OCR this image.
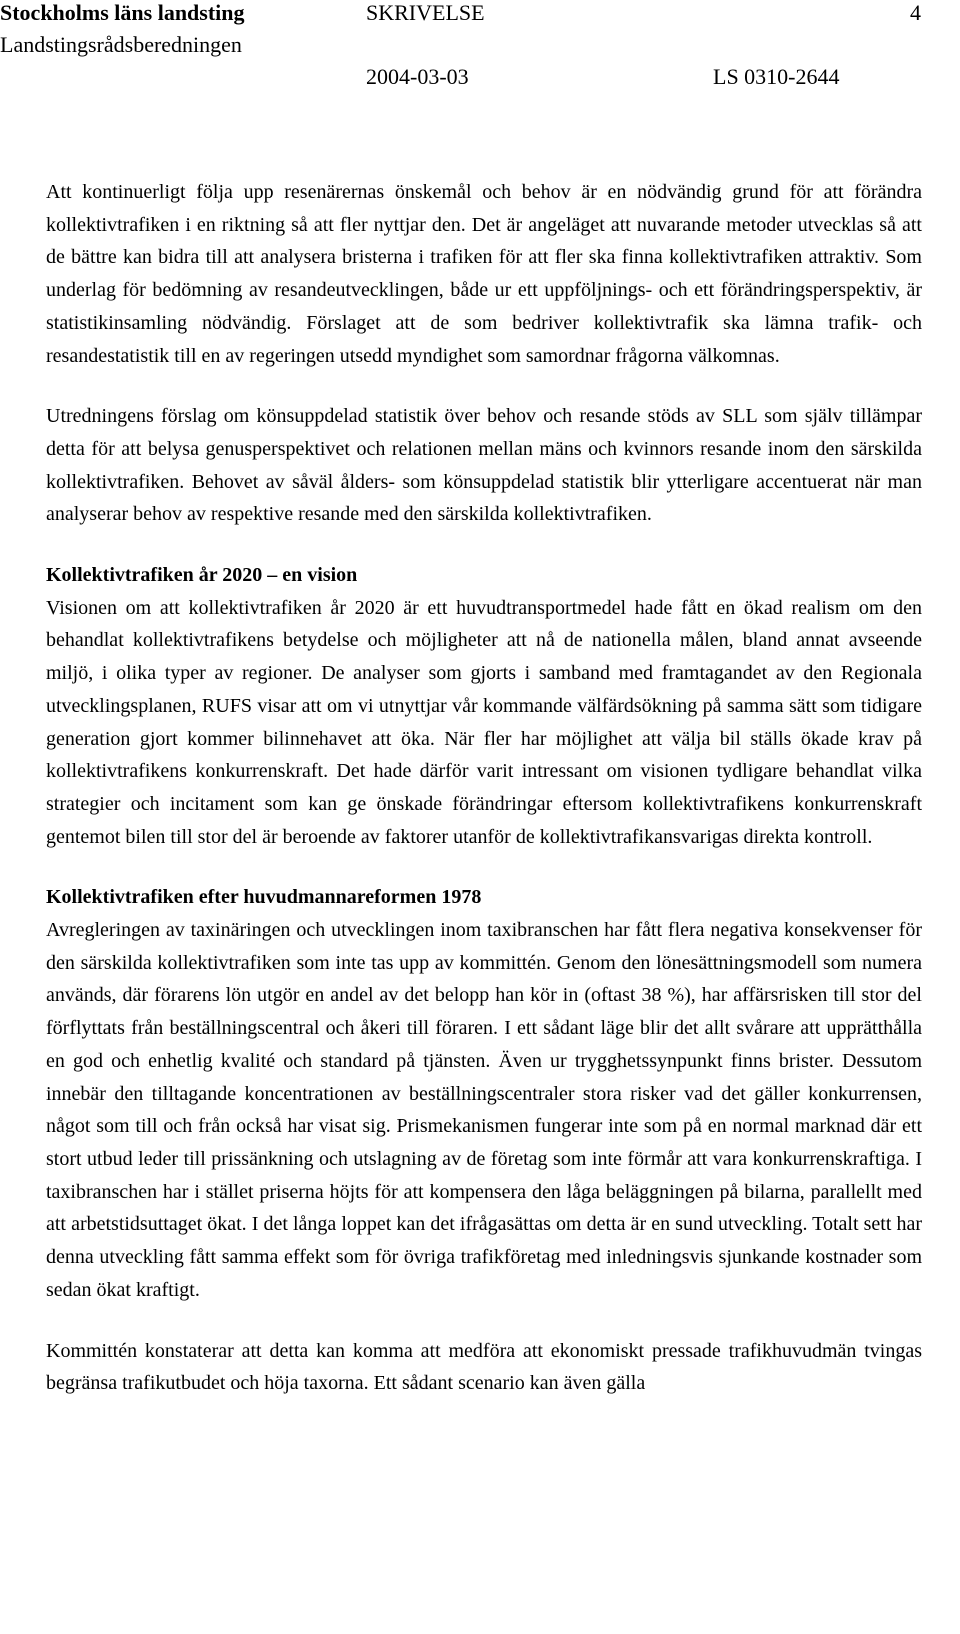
Stockholms läns landsting	SKRIVELSE	4
Landstingsrådsberedningen
2004-03-03	LS 0310-2644

Att kontinuerligt följa upp resenärernas önskemål och behov är en nödvändig grund för att förändra kollektivtrafiken i en riktning så att fler nyttjar den. Det är angeläget att nuvarande metoder utvecklas så att de bättre kan bidra till att analysera bristerna i trafiken för att fler ska finna kollektivtrafiken attraktiv. Som underlag för bedömning av resandeutvecklingen, både ur ett uppföljnings- och ett förändringsperspektiv, är statistikinsamling nödvändig. Förslaget att de som bedriver kollektivtrafik ska lämna trafik- och resandestatistik till en av regeringen utsedd myndighet som samordnar frågorna välkomnas.

Utredningens förslag om könsuppdelad statistik över behov och resande stöds av SLL som själv tillämpar detta för att belysa genusperspektivet och relationen mellan mäns och kvinnors resande inom den särskilda kollektivtrafiken. Behovet av såväl ålders- som könsuppdelad statistik blir ytterligare accentuerat när man analyserar behov av respektive resande med den särskilda kollektivtrafiken.

Kollektivtrafiken år 2020 – en vision

Visionen om att kollektivtrafiken år 2020 är ett huvudtransportmedel hade fått en ökad realism om den behandlat kollektivtrafikens betydelse och möjligheter att nå de nationella målen, bland annat avseende miljö, i olika typer av regioner. De analyser som gjorts i samband med framtagandet av den Regionala utvecklingsplanen, RUFS visar att om vi utnyttjar vår kommande välfärdsökning på samma sätt som tidigare generation gjort kommer bilinnehavet att öka. När fler har möjlighet att välja bil ställs ökade krav på kollektivtrafikens konkurrenskraft. Det hade därför varit intressant om visionen tydligare behandlat vilka strategier och incitament som kan ge önskade förändringar eftersom kollektivtrafikens konkurrenskraft gentemot bilen till stor del är beroende av faktorer utanför de kollektivtrafikansvarigas direkta kontroll.

Kollektivtrafiken efter huvudmannareformen 1978

Avregleringen av taxinäringen och utvecklingen inom taxibranschen har fått flera negativa konsekvenser för den särskilda kollektivtrafiken som inte tas upp av kommittén. Genom den lönesättningsmodell som numera används, där förarens lön utgör en andel av det belopp han kör in (oftast 38 %), har affärsrisken till stor del förflyttats från beställningscentral och åkeri till föraren. I ett sådant läge blir det allt svårare att upprätthålla en god och enhetlig kvalité och standard på tjänsten. Även ur trygghetssynpunkt finns brister. Dessutom innebär den tilltagande koncentrationen av beställningscentraler stora risker vad det gäller konkurrensen, något som till och från också har visat sig. Prismekanismen fungerar inte som på en normal marknad där ett stort utbud leder till prissänkning och utslagning av de företag som inte förmår att vara konkurrenskraftiga. I taxibranschen har i stället priserna höjts för att kompensera den låga beläggningen på bilarna, parallellt med att arbetstidsuttaget ökat. I det långa loppet kan det ifrågasättas om detta är en sund utveckling. Totalt sett har denna utveckling fått samma effekt som för övriga trafikföretag med inledningsvis sjunkande kostnader som sedan ökat kraftigt.

Kommittén konstaterar att detta kan komma att medföra att ekonomiskt pressade trafikhuvudmän tvingas begränsa trafikutbudet och höja taxorna. Ett sådant scenario kan även gälla
